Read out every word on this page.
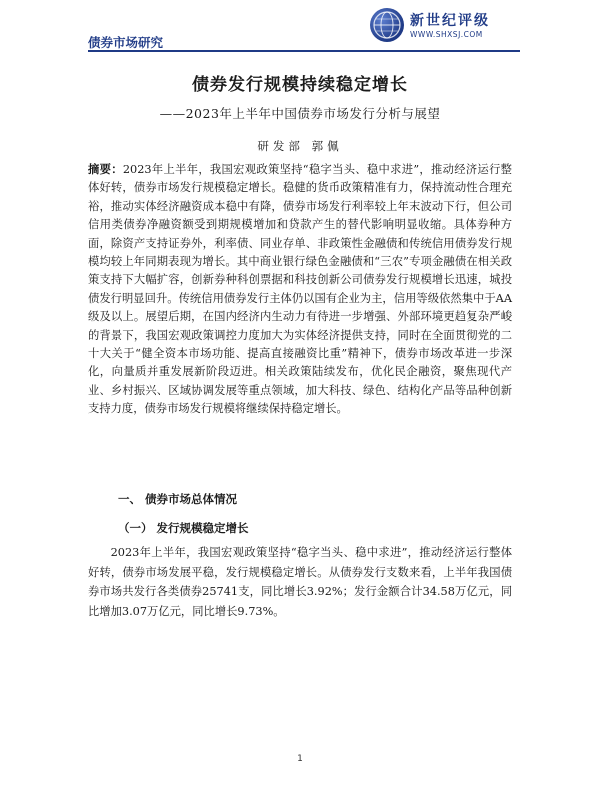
债券市场研究
新世纪评级
WWW.SHXSJ.COM
债券发行规模持续稳定增长
——2023年上半年中国债券市场发行分析与展望
研发部 郭佩
摘要：2023年上半年，我国宏观政策坚持“稳字当头、稳中求进”，推动经济运行整体好转，债券市场发行规模稳定增长。稳健的货币政策精准有力，保持流动性合理充裕，推动实体经济融资成本稳中有降，债券市场发行利率较上年末波动下行，但公司信用类债券净融资额受到期规模增加和贷款产生的替代影响明显收缩。具体券种方面，除资产支持证券外，利率债、同业存单、非政策性金融债和传统信用债券发行规模均较上年同期表现为增长。其中商业银行绿色金融债和“三农”专项金融债在相关政策支持下大幅扩容，创新券种科创票据和科技创新公司债券发行规模增长迅速，城投债发行明显回升。传统信用债券发行主体仍以国有企业为主，信用等级依然集中于AA级及以上。展望后期，在国内经济内生动力有待进一步增强、外部环境更趋复杂严峻的背景下，我国宏观政策调控力度加大为实体经济提供支持，同时在全面贯彻党的二十大关于“健全资本市场功能、提高直接融资比重”精神下，债券市场改革进一步深化，向量质并重发展新阶段迈进。相关政策陆续发布，优化民企融资，聚焦现代产业、乡村振兴、区域协调发展等重点领域，加大科技、绿色、结构化产品等品种创新支持力度，债券市场发行规模将继续保持稳定增长。
一、 债券市场总体情况
（一） 发行规模稳定增长
2023年上半年，我国宏观政策坚持“稳字当头、稳中求进”，推动经济运行整体好转，债券市场发展平稳，发行规模稳定增长。从债券发行支数来看，上半年我国债券市场共发行各类债券25741支，同比增长3.92%；发行金额合计34.58万亿元，同比增加3.07万亿元，同比增长9.73%。
1
